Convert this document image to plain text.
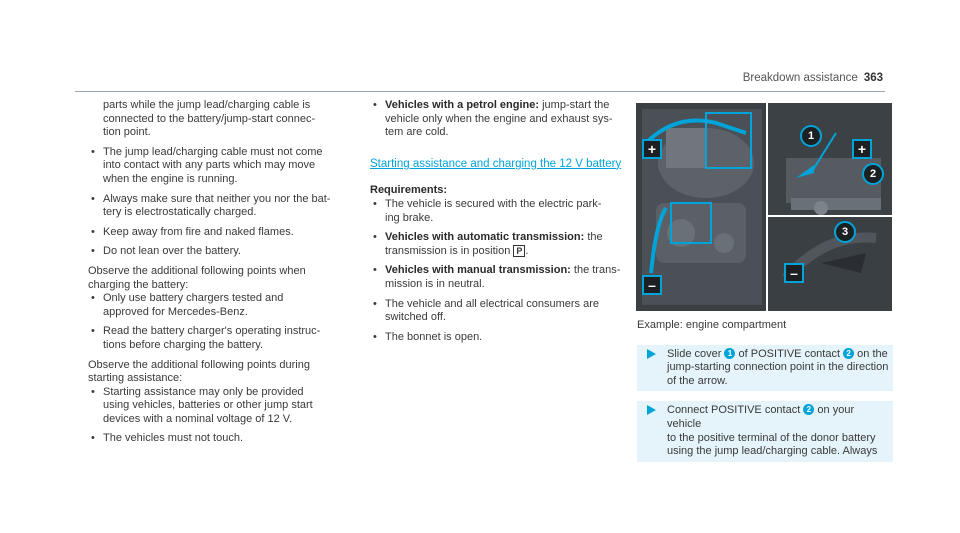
Breakdown assistance 363

parts while the jump lead/charging cable is

connected to the battery/jump-start connec-

tion point.

• The jump lead/charging cable must not come

into contact with any parts which may move

when the engine is running.

• Always make sure that neither you nor the bat-

tery is electrostatically charged.

• Keep away from fire and naked flames.

• Do not lean over the battery.

Observe the additional following points when

charging the battery:

• Only use battery chargers tested and

approved for Mercedes-Benz.

• Read the battery charger's operating instruc-

tions before charging the battery.

Observe the additional following points during

starting assistance:

• Starting assistance may only be provided

using vehicles, batteries or other jump start

devices with a nominal voltage of 12 V.

• The vehicles must not touch.

• Vehicles with a petrol engine: jump-start the

vehicle only when the engine and exhaust sys-

tem are cold.

Starting assistance and charging the 12 V battery
Requirements:

• The vehicle is secured with the electric park-

ing brake.

• Vehicles with automatic transmission: the

transmission is in position P .

• Vehicles with manual transmission: the trans-

mission is in neutral.

• The vehicle and all electrical consumers are

switched off.

• The bonnet is open.

+
–
1
+
2
3
–

Example: engine compartment

Slide cover 1 of POSITIVE contact 2 on the

jump-starting connection point in the direction

of the arrow.

Connect POSITIVE contact 2 on your vehicle

to the positive terminal of the donor battery

using the jump lead/charging cable. Always
